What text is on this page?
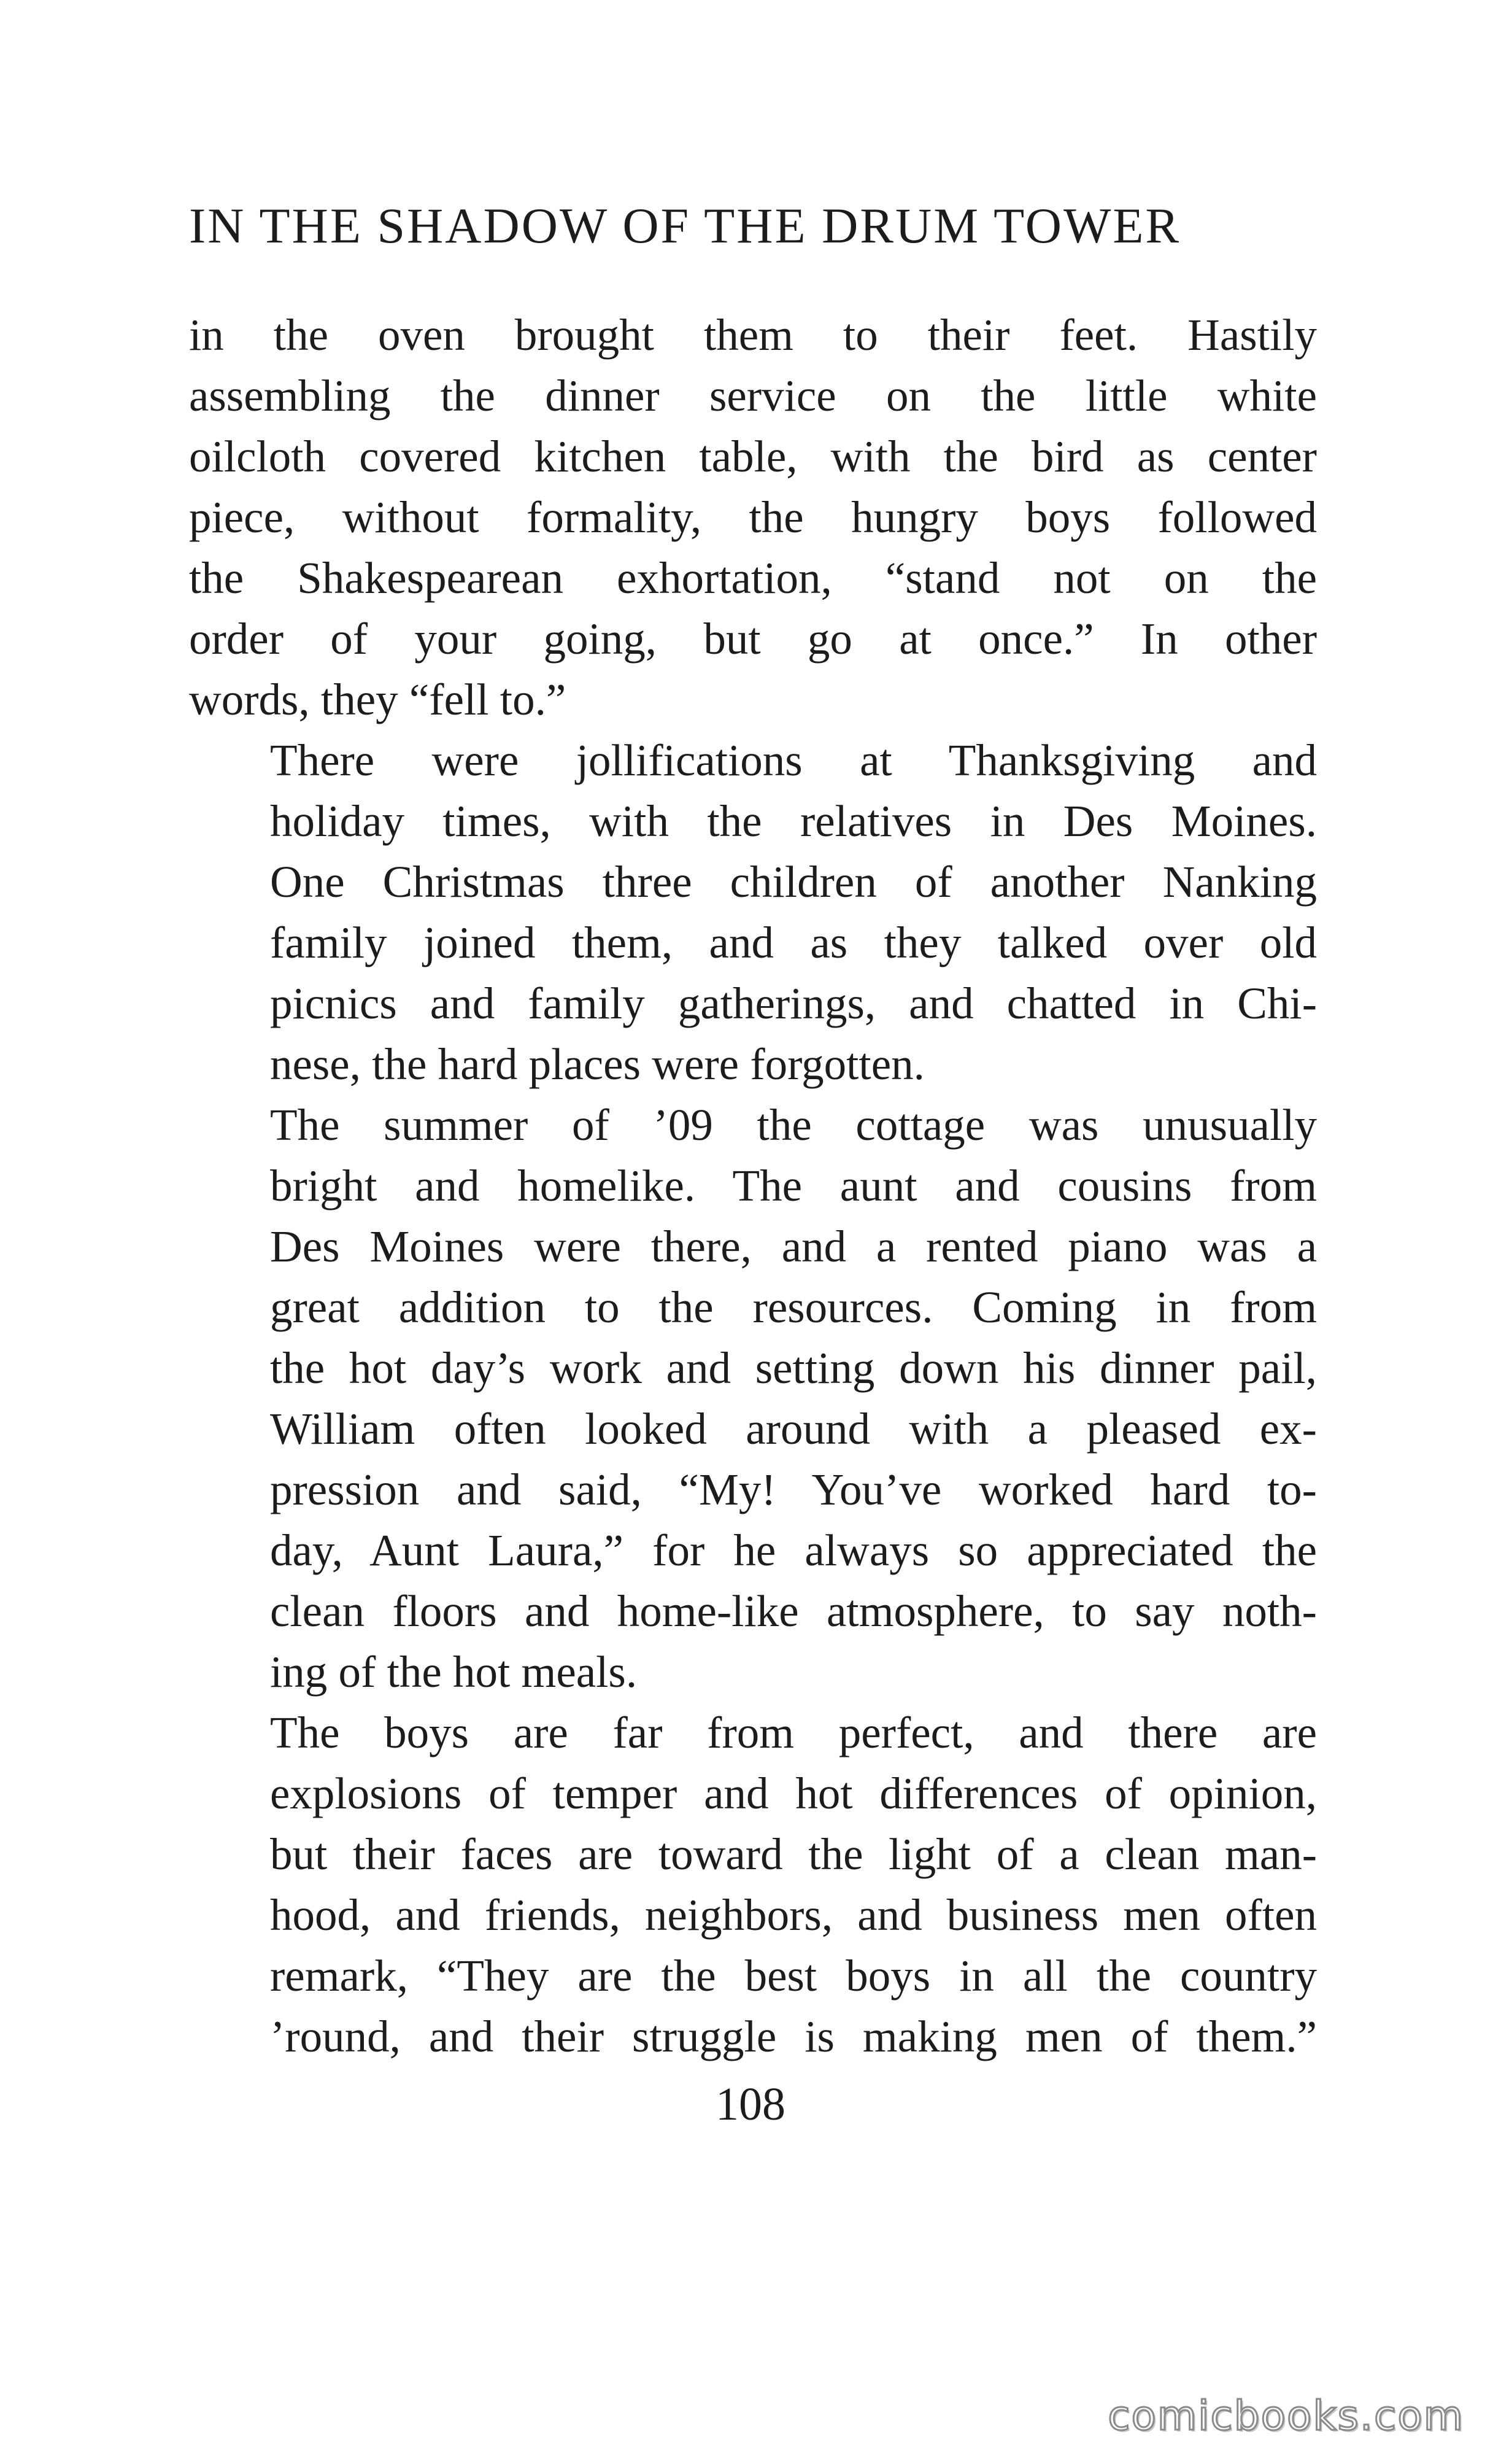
IN THE SHADOW OF THE DRUM TOWER

in the oven brought them to their feet. Hastily
assembling the dinner service on the little white
oilcloth covered kitchen table, with the bird as center
piece, without formality, the hungry boys followed
the Shakespearean exhortation, “stand not on the
order of your going, but go at once.” In other
words, they “fell to.”

There were jollifications at Thanksgiving and
holiday times, with the relatives in Des Moines.
One Christmas three children of another Nanking
family joined them, and as they talked over old
picnics and family gatherings, and chatted in Chi-
nese, the hard places were forgotten.

The summer of ’09 the cottage was unusually
bright and homelike. The aunt and cousins from
Des Moines were there, and a rented piano was a
great addition to the resources. Coming in from
the hot day’s work and setting down his dinner pail,
William often looked around with a pleased ex-
pression and said, “My! You’ve worked hard to-
day, Aunt Laura,” for he always so appreciated the
clean floors and home-like atmosphere, to say noth-
ing of the hot meals.

The boys are far from perfect, and there are
explosions of temper and hot differences of opinion,
but their faces are toward the light of a clean man-
hood, and friends, neighbors, and business men often
remark, “They are the best boys in all the country
’round, and their struggle is making men of them.”

108
comicbooks.com
